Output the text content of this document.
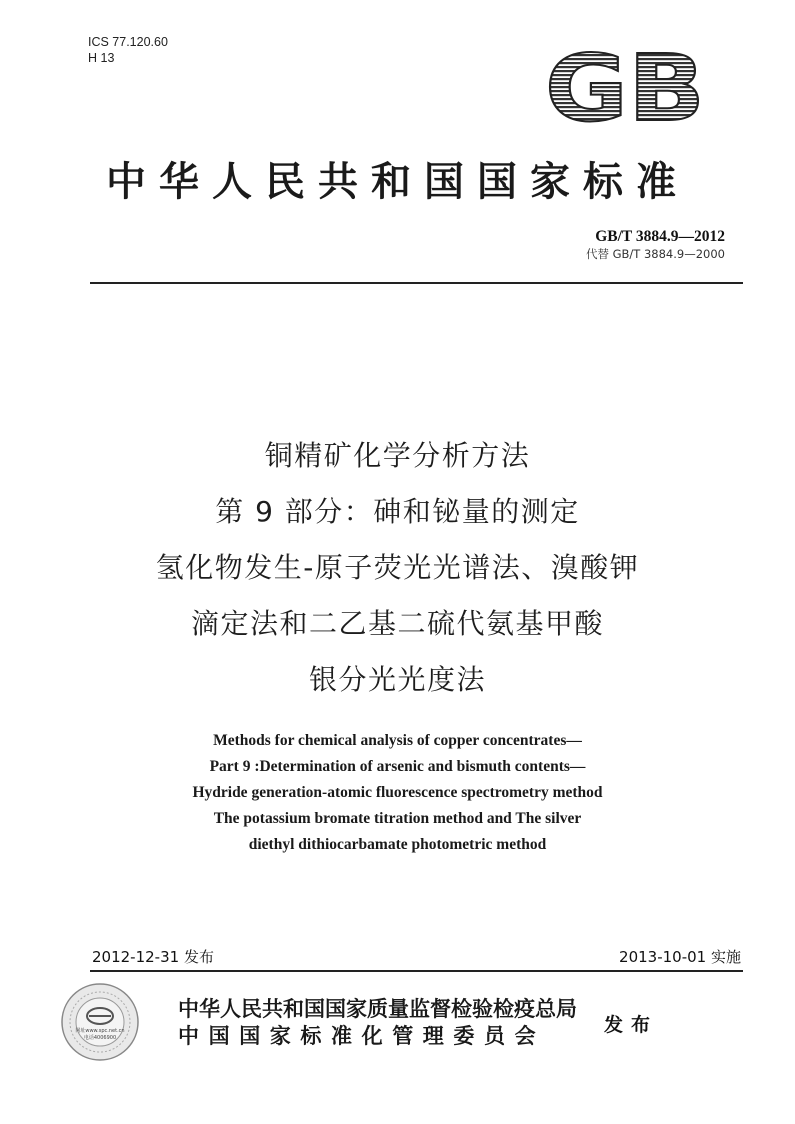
ICS 77.120.60
H 13	GB
中华人民共和国国家标准
GB/T 3884.9—2012
代替 GB/T 3884.9—2000
铜精矿化学分析方法
第 9 部分：砷和铋量的测定
氢化物发生-原子荧光光谱法、溴酸钾
滴定法和二乙基二硫代氨基甲酸
银分光光度法
Methods for chemical analysis of copper concentrates—
Part 9 :Determination of arsenic and bismuth contents—
Hydride generation-atomic fluorescence spectrometry method
The potassium bromate titration method and The silver
diethyl dithiocarbamate photometric method
2012-12-31 发布	2013-10-01 实施
网址www.spc.net.cn
电话4006900
中华人民共和国国家质量监督检验检疫总局
中国国家标准化管理委员会	发布
